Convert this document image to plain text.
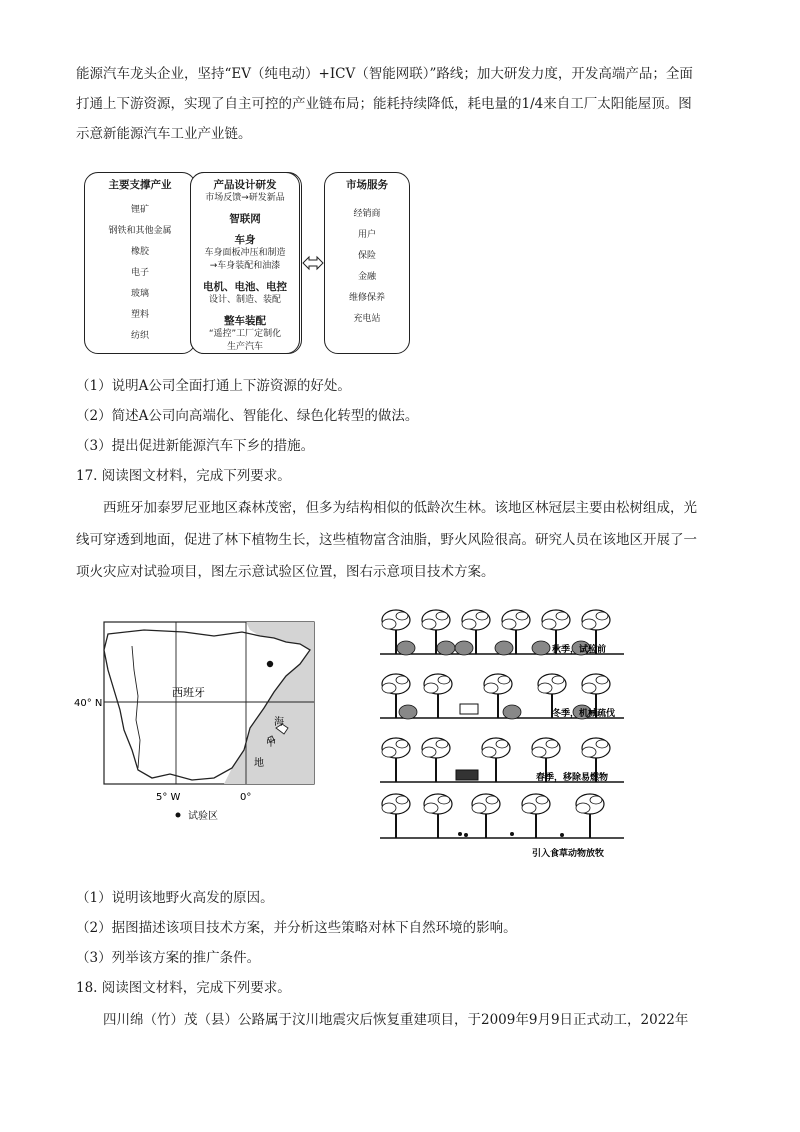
能源汽车龙头企业，坚持“EV（纯电动）+ICV（智能网联）”路线；加大研发力度，开发高端产品；全面

打通上下游资源，实现了自主可控的产业链布局；能耗持续降低，耗电量的1/4来自工厂太阳能屋顶。图

示意新能源汽车工业产业链。

主要支撑产业
锂矿
钢铁和其他金属
橡胶
电子
玻璃
塑料
纺织
产品设计研发
市场反馈→研发新品
智联网
车身
车身面板冲压和制造
→车身装配和油漆
电机、电池、电控
设计、制造、装配
整车装配
“遥控”工厂定制化
生产汽车
市场服务
经销商
用户
保险
金融
维修保养
充电站

（1）说明A公司全面打通上下游资源的好处。

（2）简述A公司向高端化、智能化、绿色化转型的做法。

（3）提出促进新能源汽车下乡的措施。

17. 阅读图文材料，完成下列要求。

西班牙加泰罗尼亚地区森林茂密，但多为结构相似的低龄次生林。该地区林冠层主要由松树组成，光

线可穿透到地面，促进了林下植物生长，这些植物富含油脂，野火风险很高。研究人员在该地区开展了一

项火灾应对试验项目，图左示意试验区位置，图右示意项目技术方案。

西班牙
海
中
地
40° N
5° W	0°
试验区
秋季，试验前
冬季，机械疏伐
春季，移除易燃物
引入食草动物放牧

（1）说明该地野火高发的原因。

（2）据图描述该项目技术方案，并分析这些策略对林下自然环境的影响。

（3）列举该方案的推广条件。

18. 阅读图文材料，完成下列要求。

四川绵（竹）茂（县）公路属于汶川地震灾后恢复重建项目，于2009年9月9日正式动工，2022年
